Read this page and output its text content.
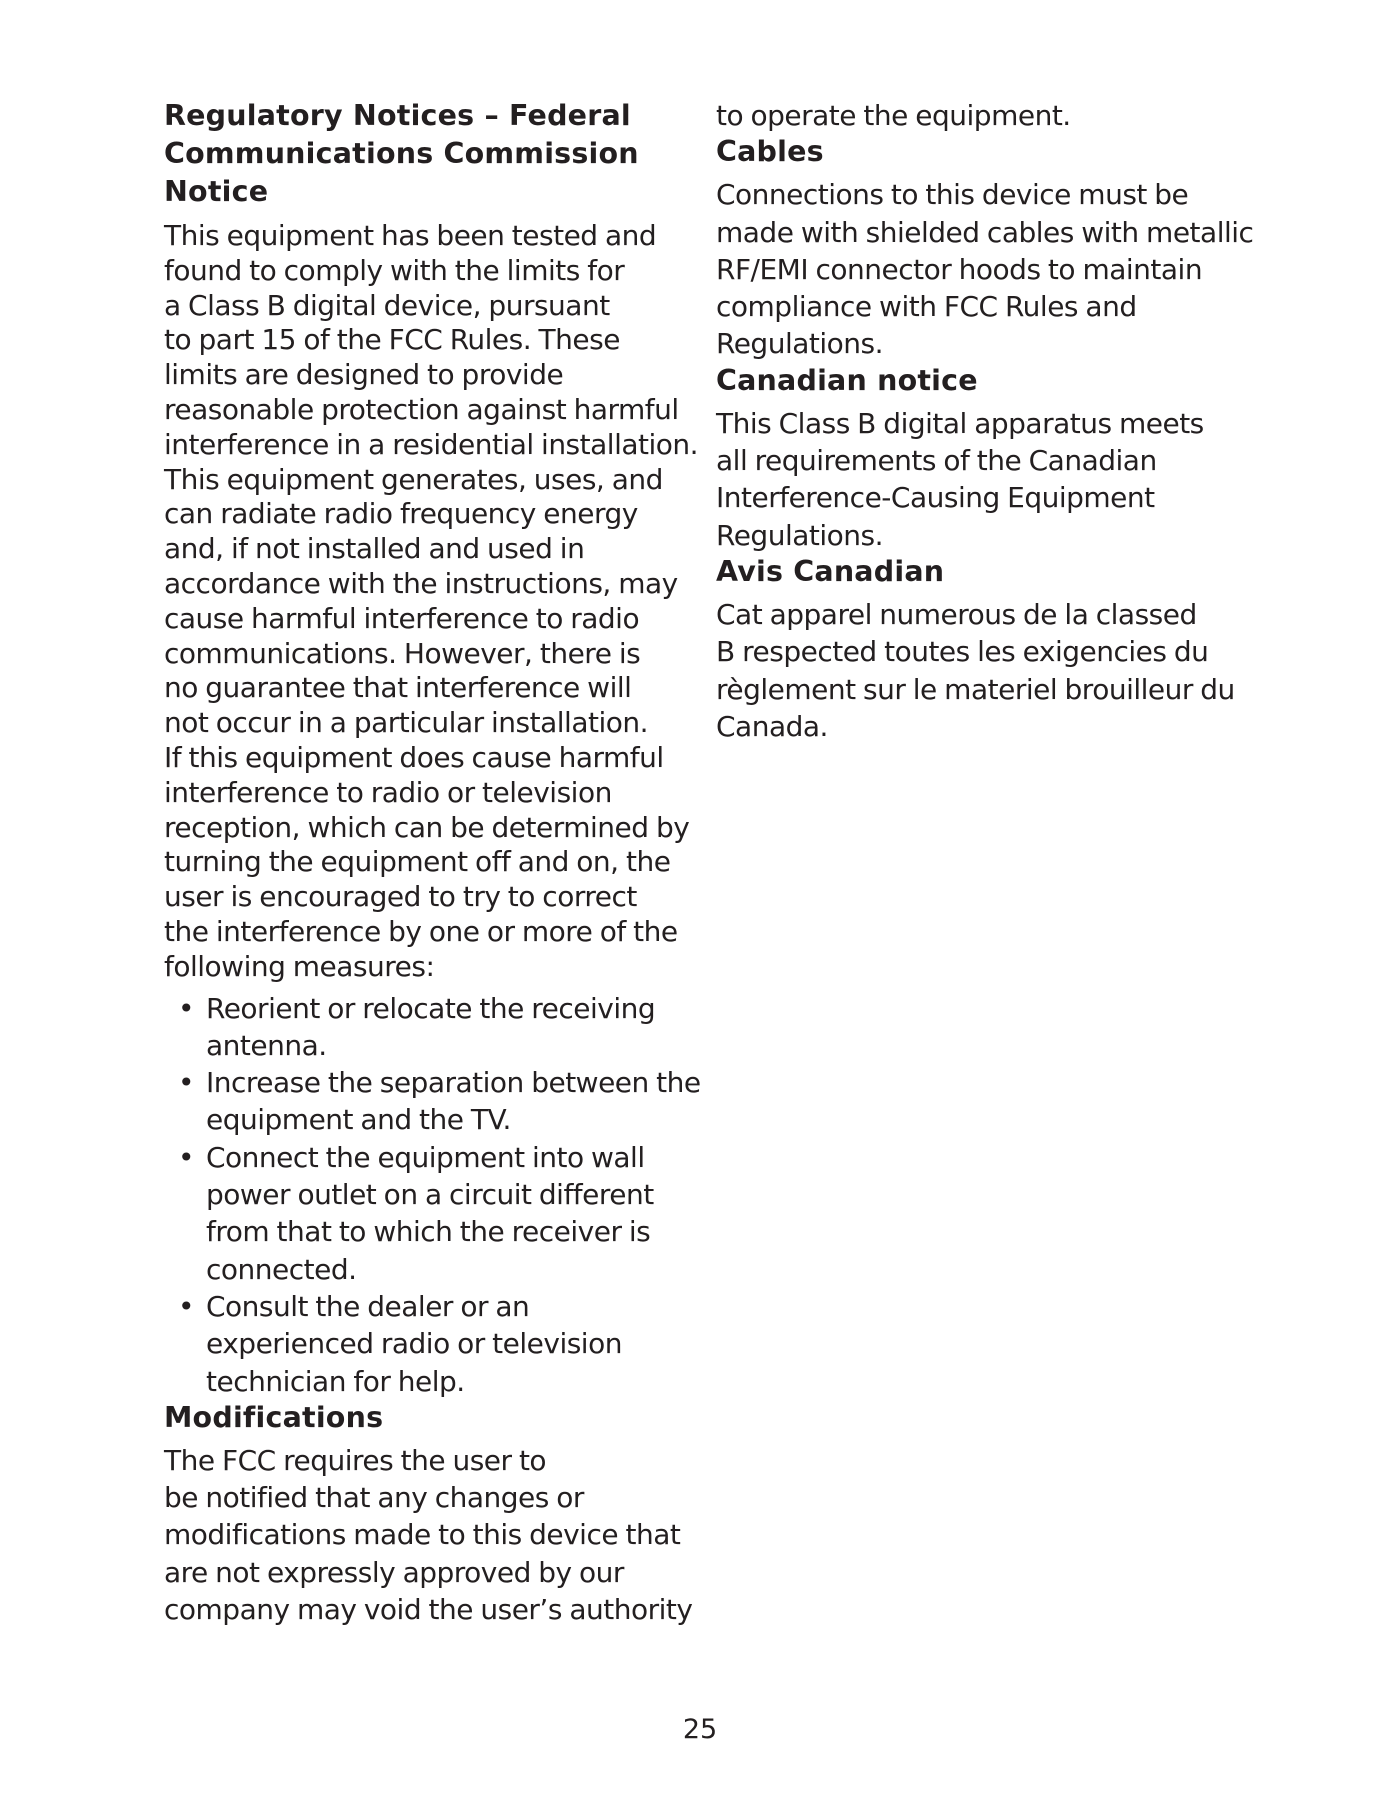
Regulatory Notices – Federal
Communications Commission
Notice

This equipment has been tested and
found to comply with the limits for
a Class B digital device, pursuant
to part 15 of the FCC Rules. These
limits are designed to provide
reasonable protection against harmful
interference in a residential installation.
This equipment generates, uses, and
can radiate radio frequency energy
and, if not installed and used in
accordance with the instructions, may
cause harmful interference to radio
communications. However, there is
no guarantee that interference will
not occur in a particular installation.
If this equipment does cause harmful
interference to radio or television
reception, which can be determined by
turning the equipment off and on, the
user is encouraged to try to correct
the interference by one or more of the
following measures:

• Reorient or relocate the receiving
antenna.
• Increase the separation between the
equipment and the TV.
• Connect the equipment into wall
power outlet on a circuit different
from that to which the receiver is
connected.
• Consult the dealer or an
experienced radio or television
technician for help.
Modifications

The FCC requires the user to
be notified that any changes or
modifications made to this device that
are not expressly approved by our
company may void the user’s authority

to operate the equipment.

Cables

Connections to this device must be
made with shielded cables with metallic
RF/EMI connector hoods to maintain
compliance with FCC Rules and
Regulations.

Canadian notice

This Class B digital apparatus meets
all requirements of the Canadian
Interference-Causing Equipment
Regulations.

Avis Canadian

Cat apparel numerous de la classed
B respected toutes les exigencies du
règlement sur le materiel brouilleur du
Canada.

25
